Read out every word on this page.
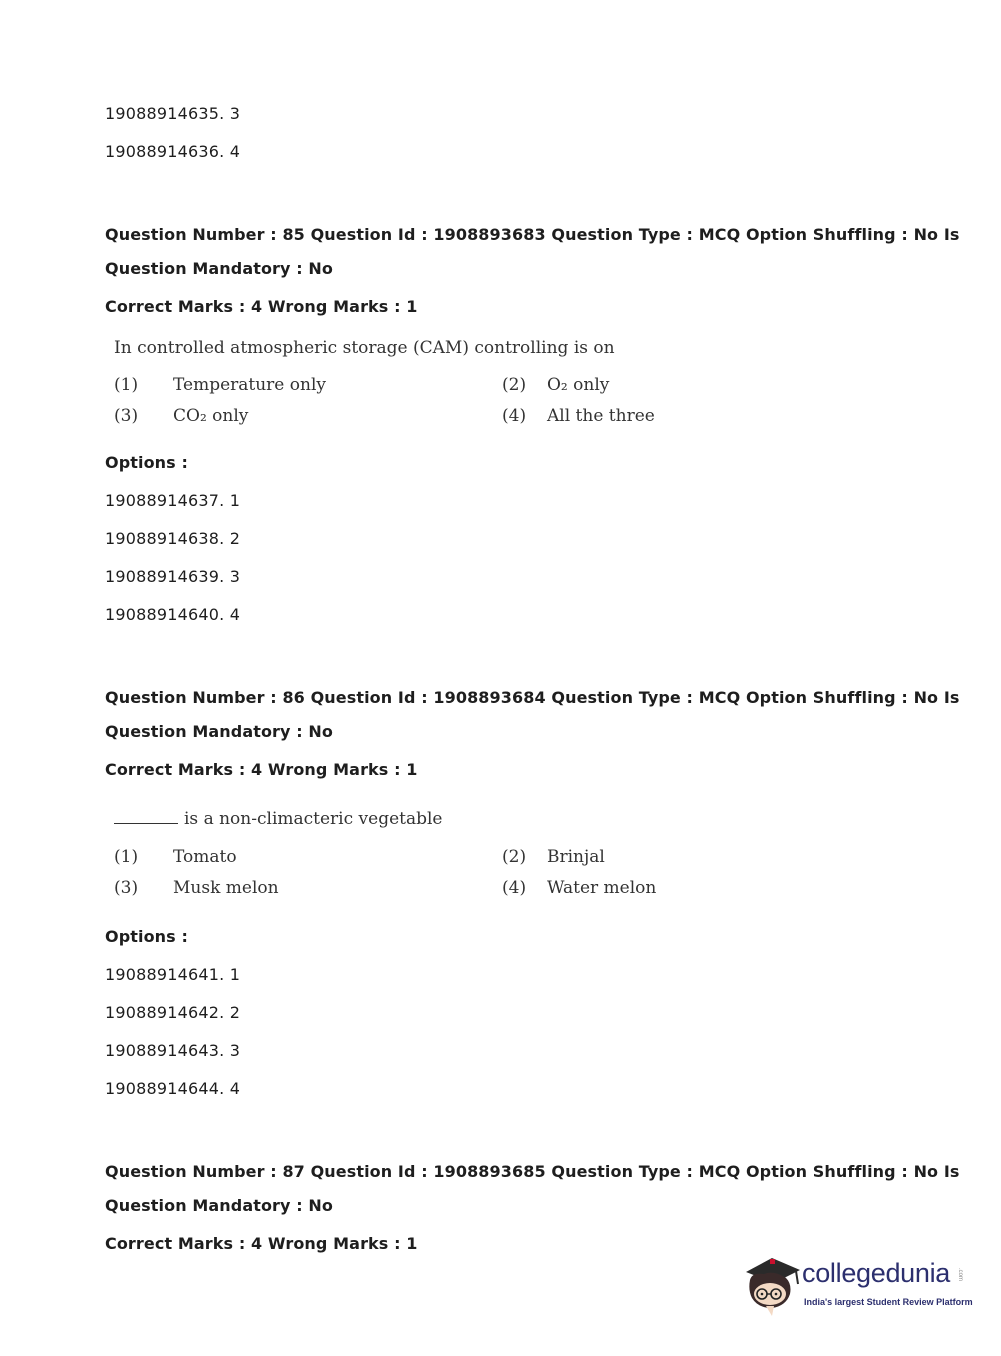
19088914635. 3
19088914636. 4
Question Number : 85 Question Id : 1908893683 Question Type : MCQ Option Shuffling : No Is
Question Mandatory : No
Correct Marks : 4 Wrong Marks : 1
In controlled atmospheric storage (CAM) controlling is on
(1) Temperature only	(2) O₂ only
(3) CO₂ only	(4) All the three
Options :
19088914637. 1
19088914638. 2
19088914639. 3
19088914640. 4
Question Number : 86 Question Id : 1908893684 Question Type : MCQ Option Shuffling : No Is
Question Mandatory : No
Correct Marks : 4 Wrong Marks : 1
is a non-climacteric vegetable
(1) Tomato	(2) Brinjal
(3) Musk melon	(4) Water melon
Options :
19088914641. 1
19088914642. 2
19088914643. 3
19088914644. 4
Question Number : 87 Question Id : 1908893685 Question Type : MCQ Option Shuffling : No Is
Question Mandatory : No
Correct Marks : 4 Wrong Marks : 1
collegedunia .com
India's largest Student Review Platform
